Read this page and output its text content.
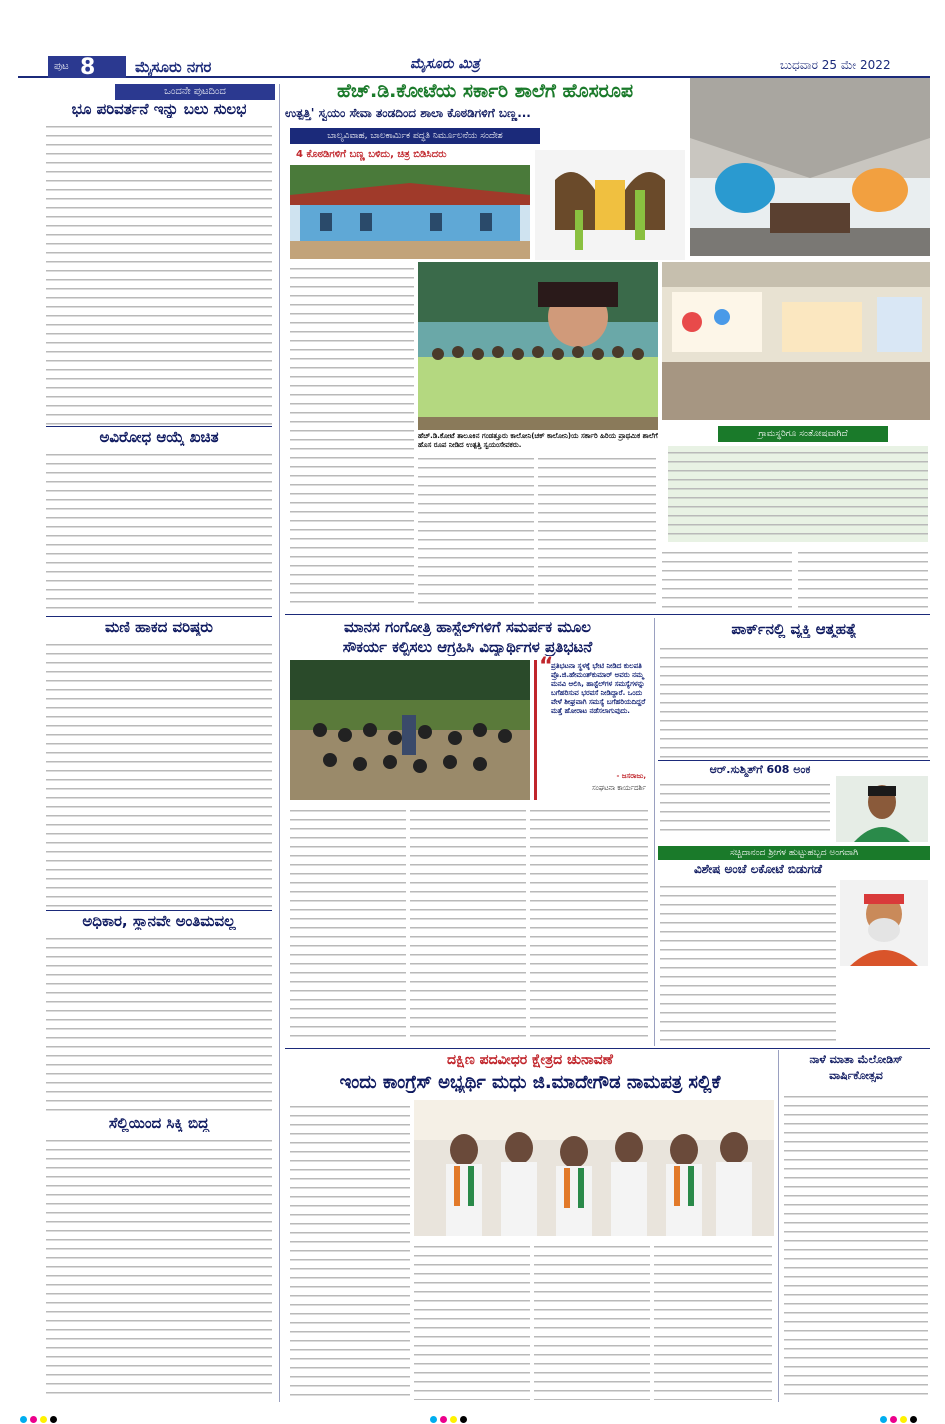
ಪುಟ 8	ಮೈಸೂರು ನಗರ	ಮೈಸೂರು ಮಿತ್ರ	ಬುಧವಾರ 25 ಮೇ 2022
ಒಂದನೇ ಪುಟದಿಂದ
ಭೂ ಪರಿವರ್ತನೆ ಇನ್ನು ಬಲು ಸುಲಭ
ಅವಿರೋಧ ಆಯ್ಕೆ ಖಚಿತ
ಮಣಿ ಹಾಕದ ವರಿಷ್ಠರು
ಅಧಿಕಾರ, ಸ್ಥಾನವೇ ಅಂತಿಮವಲ್ಲ
ಸೆಲ್ಲಿಯಿಂದ ಸಿಕ್ಕಿ ಬಿದ್ದ
ಹೆಚ್.ಡಿ.ಕೋಟೆಯ ಸರ್ಕಾರಿ ಶಾಲೆಗೆ ಹೊಸರೂಪ
ಉತ್ಪತ್ತಿ' ಸ್ವಯಂ ಸೇವಾ ತಂಡದಿಂದ ಶಾಲಾ ಕೊಠಡಿಗಳಿಗೆ ಬಣ್ಣ...
ಬಾಲ್ಯವಿವಾಹ, ಬಾಲಕಾರ್ಮಿಕ ಪದ್ಧತಿ ನಿರ್ಮೂಲನೆಯ ಸಂದೇಶ
4 ಕೊಠಡಿಗಳಿಗೆ ಬಣ್ಣ ಬಳಿದು, ಚಿತ್ರ ಬಿಡಿಸಿದರು
ಹೆಚ್.ಡಿ.ಕೋಟೆ ತಾಲೂಕಿನ ಗಂಡತ್ತೂರು ಕಾಲೋನಿ(ಚಕ್ ಕಾಲೋನಿ)ಯ ಸರ್ಕಾರಿ ಹಿರಿಯ ಪ್ರಾಥಮಿಕ ಶಾಲೆಗೆ ಹೊಸ ರೂಪ ನೀಡಿದ ಉತ್ಪತ್ತಿ ಸ್ವಯಂಸೇವಕರು.
ಗ್ರಾಮಸ್ಥರಿಗೂ ಸಂತೋಷವಾಗಿದೆ
ಮಾನಸ ಗಂಗೋತ್ರಿ ಹಾಸ್ಟೆಲ್‍ಗಳಿಗೆ ಸಮರ್ಪಕ ಮೂಲ
ಸೌಕರ್ಯ ಕಲ್ಪಿಸಲು ಆಗ್ರಹಿಸಿ ವಿದ್ಯಾರ್ಥಿಗಳ ಪ್ರತಿಭಟನೆ
“
ಪ್ರತಿಭಟನಾ ಸ್ಥಳಕ್ಕೆ ಭೇಟಿ ನೀಡಿದ ಕುಲಪತಿ ಪ್ರೊ.ಜಿ.ಹೇಮಂತ್‍ಕುಮಾರ್ ಅವರು ನಮ್ಮ ಮನವಿ ಆಲಿಸಿ, ಹಾಸ್ಟೆಲ್‍ಗಳ ಸಮಸ್ಯೆಗಳನ್ನು ಬಗೆಹರಿಸುವ ಭರವಸೆ ನೀಡಿದ್ದಾರೆ. ಒಂದು ವೇಳೆ ಶೀಘ್ರವಾಗಿ ಸಮಸ್ಯೆ ಬಗೆಹರಿಯದಿದ್ದರೆ ಮತ್ತೆ ಹೋರಾಟ ನಡೆಸಲಾಗುವುದು.
- ಜಸರಾಜು,
ಸಂಘಟನಾ ಕಾರ್ಯದರ್ಶಿ
ಪಾರ್ಕ್‍ನಲ್ಲಿ ವ್ಯಕ್ತಿ ಆತ್ಮಹತ್ಯೆ
ಆರ್.ಸುಶ್ಮಿತ್‍ಗೆ 608 ಅಂಕ
ಸಚ್ಚಿದಾನಂದ ಶ್ರೀಗಳ ಹುಟ್ಟುಹಬ್ಬದ ಅಂಗವಾಗಿ
ವಿಶೇಷ ಅಂಚೆ ಲಕೋಟೆ ಬಿಡುಗಡೆ
ದಕ್ಷಿಣ ಪದವೀಧರ ಕ್ಷೇತ್ರದ ಚುನಾವಣೆ
ಇಂದು ಕಾಂಗ್ರೆಸ್ ಅಭ್ಯರ್ಥಿ ಮಧು ಜಿ.ಮಾದೇಗೌಡ ನಾಮಪತ್ರ ಸಲ್ಲಿಕೆ
ನಾಳೆ ಮಾತಾ ಮೆಲೋಡಿಸ್ ವಾರ್ಷಿಕೋತ್ಸವ
